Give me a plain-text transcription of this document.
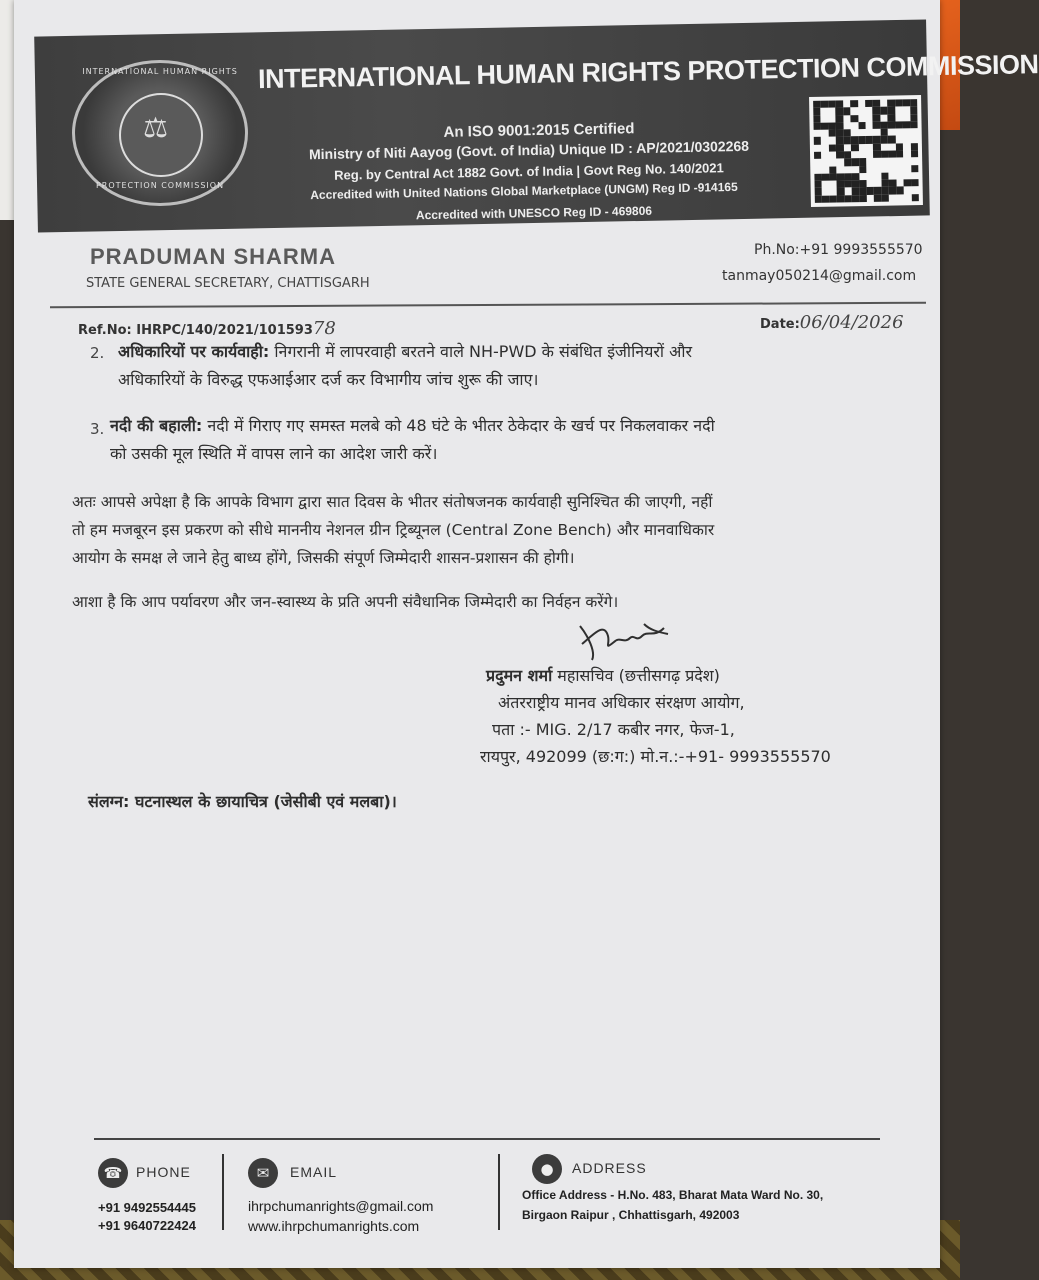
INTERNATIONAL HUMAN RIGHTS
⚖
PROTECTION COMMISSION
INTERNATIONAL HUMAN RIGHTS PROTECTION COMMISSION
An ISO 9001:2015 Certified
Ministry of Niti Aayog (Govt. of India) Unique ID : AP/2021/0302268
Reg. by Central Act 1882 Govt. of India | Govt Reg No. 140/2021
Accredited with United Nations Global Marketplace (UNGM) Reg ID -914165
Accredited with UNESCO Reg ID - 469806
PRADUMAN SHARMA
STATE GENERAL SECRETARY, CHATTISGARH
Ph.No:+91 9993555570
tanmay050214@gmail.com
Ref.No: IHRPC/140/2021/10159378	Date:06/04/2026
2. अधिकारियों पर कार्यवाही: निगरानी में लापरवाही बरतने वाले NH-PWD के संबंधित इंजीनियरों और
अधिकारियों के विरुद्ध एफआईआर दर्ज कर विभागीय जांच शुरू की जाए।
3. नदी की बहाली: नदी में गिराए गए समस्त मलबे को 48 घंटे के भीतर ठेकेदार के खर्च पर निकलवाकर नदी
को उसकी मूल स्थिति में वापस लाने का आदेश जारी करें।
अतः आपसे अपेक्षा है कि आपके विभाग द्वारा सात दिवस के भीतर संतोषजनक कार्यवाही सुनिश्चित की जाएगी, नहीं
तो हम मजबूरन इस प्रकरण को सीधे माननीय नेशनल ग्रीन ट्रिब्यूनल (Central Zone Bench) और मानवाधिकार
आयोग के समक्ष ले जाने हेतु बाध्य होंगे, जिसकी संपूर्ण जिम्मेदारी शासन-प्रशासन की होगी।
आशा है कि आप पर्यावरण और जन-स्वास्थ्य के प्रति अपनी संवैधानिक जिम्मेदारी का निर्वहन करेंगे।
प्रदुमन शर्मा महासचिव (छत्तीसगढ़ प्रदेश)
अंतरराष्ट्रीय मानव अधिकार संरक्षण आयोग,
पता :- MIG. 2/17 कबीर नगर, फेज-1,
रायपुर, 492099 (छ:ग:) मो.न.:-+91- 9993555570
संलग्न: घटनास्थल के छायाचित्र (जेसीबी एवं मलबा)।
☎ PHONE
+91 9492554445
+91 9640722424
✉	EMAIL
ihrpchumanrights@gmail.com
www.ihrpchumanrights.com
●	ADDRESS
Office Address - H.No. 483, Bharat Mata Ward No. 30,
Birgaon Raipur , Chhattisgarh, 492003
